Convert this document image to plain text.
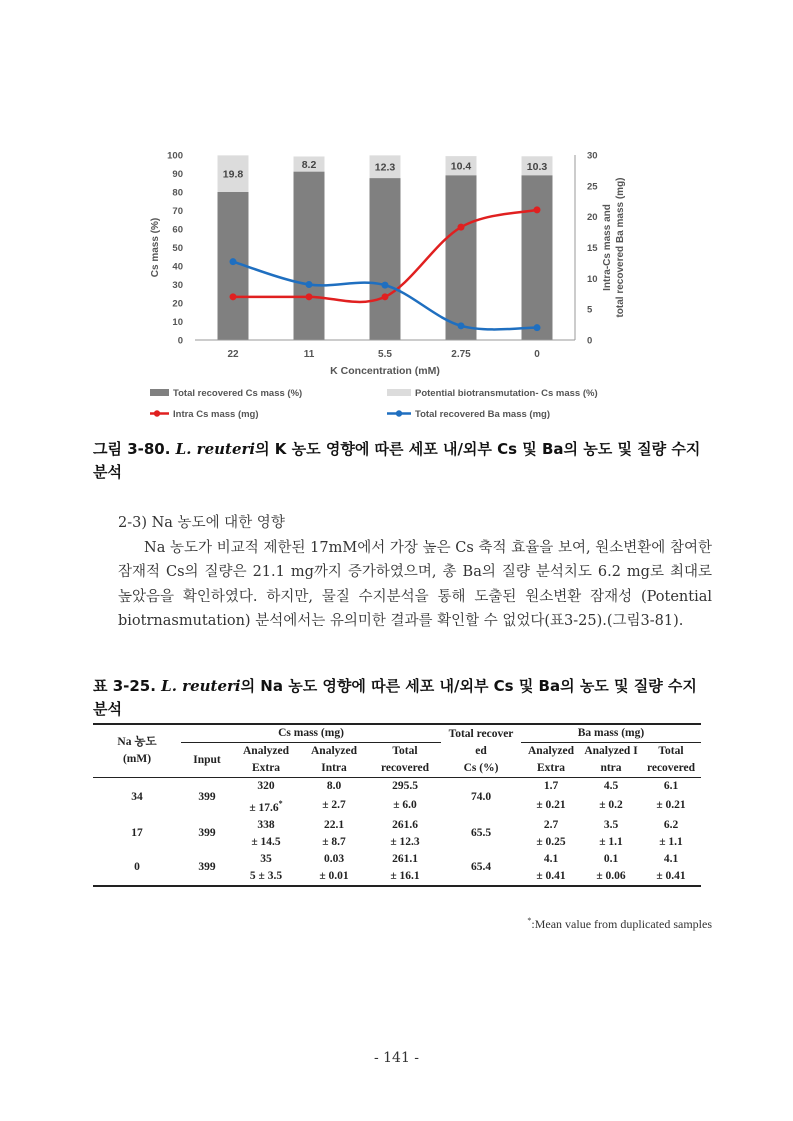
0
10
20
30
40
50
60
70
80
90
100
0
5
10
15
20
25
30
19.8
22
8.2
11
12.3
5.5
10.4
2.75
10.3
0
K Concentration (mM)
Cs mass (%)	Intra-Cs mass and total recovered Ba mass (mg)
Total recovered Cs mass (%)	Potential biotransmutation- Cs mass (%)
Intra Cs mass (mg)	Total recovered Ba mass (mg)
그림 3-80. L. reuteri의 K 농도 영향에 따른 세포 내/외부 Cs 및 Ba의 농도 및 질량 수지 분석

2-3) Na 농도에 대한 영향

Na 농도가 비교적 제한된 17mM에서 가장 높은 Cs 축적 효율을 보여, 원소변환에 참여한 잠재적 Cs의 질량은 21.1 mg까지 증가하였으며, 총 Ba의 질량 분석치도 6.2 mg로 최대로 높았음을 확인하였다. 하지만, 물질 수지분석을 통해 도출된 원소변환 잠재성 (Potential biotrnasmutation) 분석에서는 유의미한 결과를 확인할 수 없었다(표3-25).(그림3-81).

표 3-25. L. reuteri의 Na 농도 영향에 따른 세포 내/외부 Cs 및 Ba의 농도 및 질량 수지 분석
Na 농도
(mM)	Cs mass (mg)				Total recover
ed
Cs (%)	Ba mass (mg)		
	Input	Analyzed	Analyzed	Total		Analyzed	Analyzed I	Total
		Extra	Intra	recovered		Extra	ntra	recovered
34	399	320	8.0	295.5	74.0	1.7	4.5	6.1
		± 17.6*	± 2.7	± 6.0		± 0.21	± 0.2	± 0.21
17	399	338	22.1	261.6	65.5	2.7	3.5	6.2
		± 14.5	± 8.7	± 12.3		± 0.25	± 1.1	± 1.1
0	399	35	0.03	261.1	65.4	4.1	0.1	4.1
		5 ± 3.5	± 0.01	± 16.1		± 0.41	± 0.06	± 0.41
*:Mean value from duplicated samples
- 141 -
